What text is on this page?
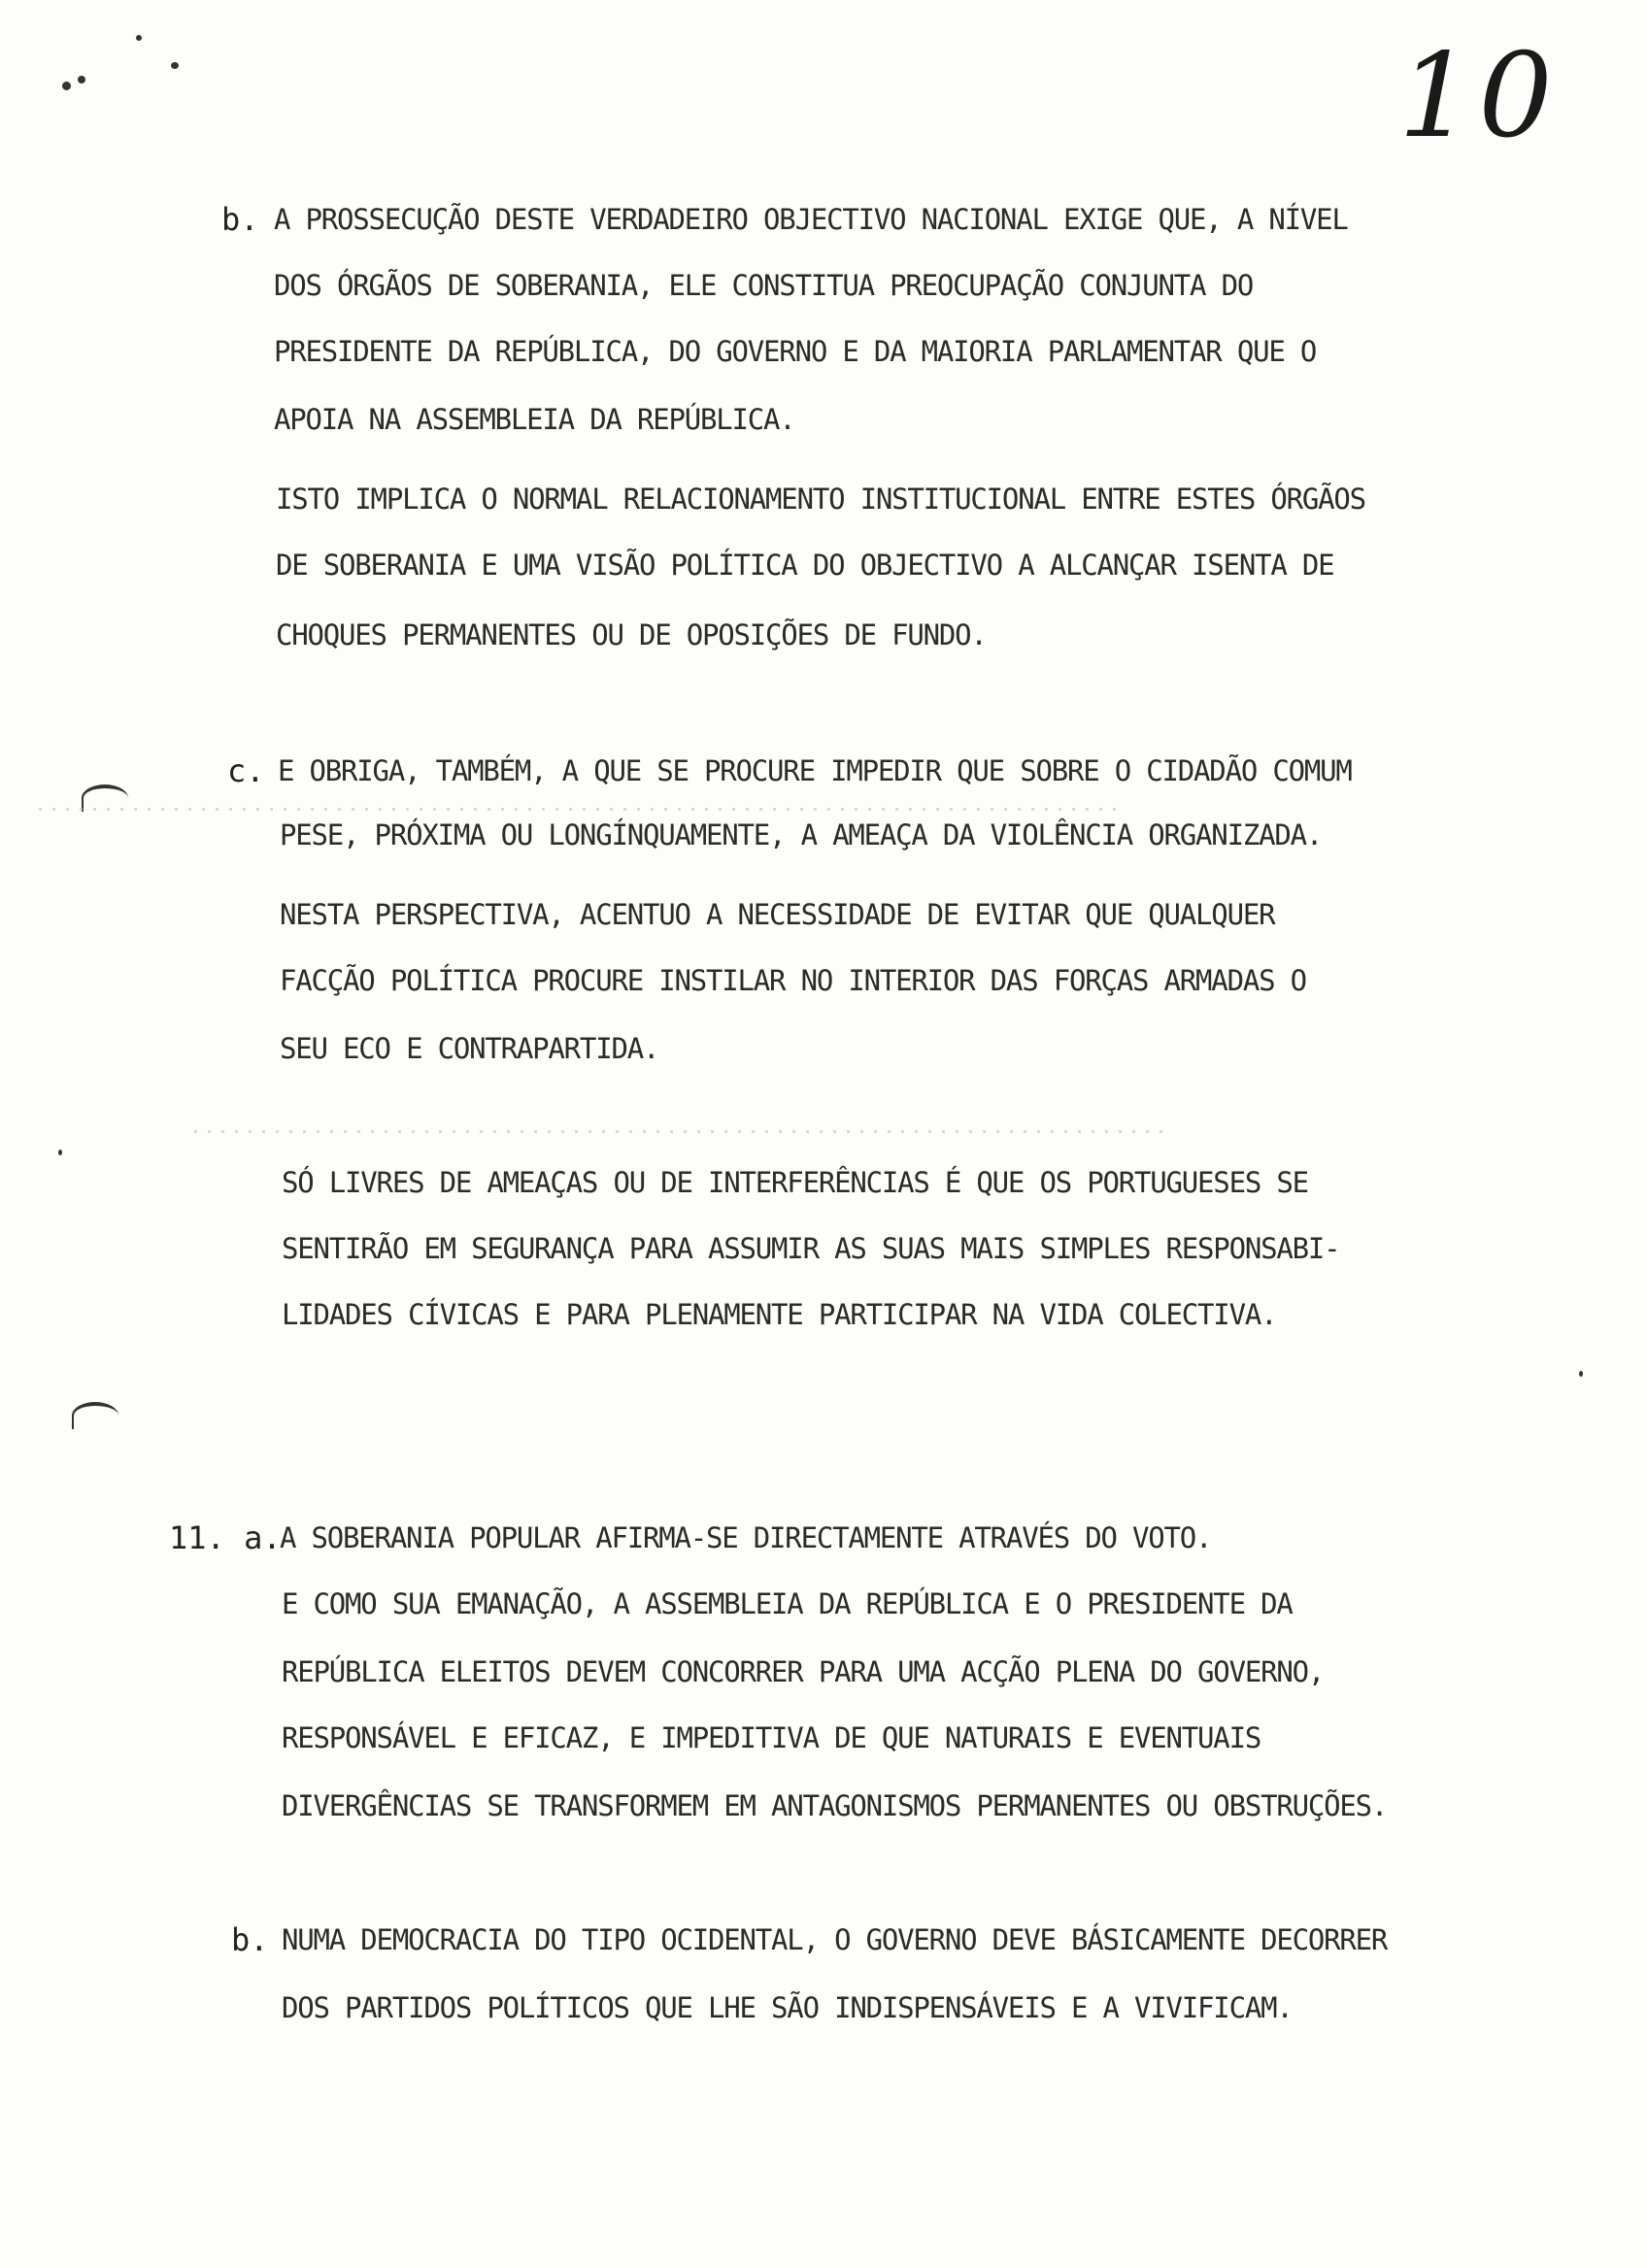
10
b. A PROSSECUÇÃO DESTE VERDADEIRO OBJECTIVO NACIONAL EXIGE QUE, A NÍVEL
DOS ÓRGÃOS DE SOBERANIA, ELE CONSTITUA PREOCUPAÇÃO CONJUNTA DO
PRESIDENTE DA REPÚBLICA, DO GOVERNO E DA MAIORIA PARLAMENTAR QUE O
APOIA NA ASSEMBLEIA DA REPÚBLICA.
ISTO IMPLICA O NORMAL RELACIONAMENTO INSTITUCIONAL ENTRE ESTES ÓRGÃOS
DE SOBERANIA E UMA VISÃO POLÍTICA DO OBJECTIVO A ALCANÇAR ISENTA DE
CHOQUES PERMANENTES OU DE OPOSIÇÕES DE FUNDO.
c. E OBRIGA, TAMBÉM, A QUE SE PROCURE IMPEDIR QUE SOBRE O CIDADÃO COMUM
PESE, PRÓXIMA OU LONGÍNQUAMENTE, A AMEAÇA DA VIOLÊNCIA ORGANIZADA.
NESTA PERSPECTIVA, ACENTUO A NECESSIDADE DE EVITAR QUE QUALQUER
FACÇÃO POLÍTICA PROCURE INSTILAR NO INTERIOR DAS FORÇAS ARMADAS O
SEU ECO E CONTRAPARTIDA.
SÓ LIVRES DE AMEAÇAS OU DE INTERFERÊNCIAS É QUE OS PORTUGUESES SE
SENTIRÃO EM SEGURANÇA PARA ASSUMIR AS SUAS MAIS SIMPLES RESPONSABI-
LIDADES CÍVICAS E PARA PLENAMENTE PARTICIPAR NA VIDA COLECTIVA.
11. a.
A SOBERANIA POPULAR AFIRMA-SE DIRECTAMENTE ATRAVÉS DO VOTO.
E COMO SUA EMANAÇÃO, A ASSEMBLEIA DA REPÚBLICA E O PRESIDENTE DA
REPÚBLICA ELEITOS DEVEM CONCORRER PARA UMA ACÇÃO PLENA DO GOVERNO,
RESPONSÁVEL E EFICAZ, E IMPEDITIVA DE QUE NATURAIS E EVENTUAIS
DIVERGÊNCIAS SE TRANSFORMEM EM ANTAGONISMOS PERMANENTES OU OBSTRUÇÕES.
b. NUMA DEMOCRACIA DO TIPO OCIDENTAL, O GOVERNO DEVE BÁSICAMENTE DECORRER
DOS PARTIDOS POLÍTICOS QUE LHE SÃO INDISPENSÁVEIS E A VIVIFICAM.
